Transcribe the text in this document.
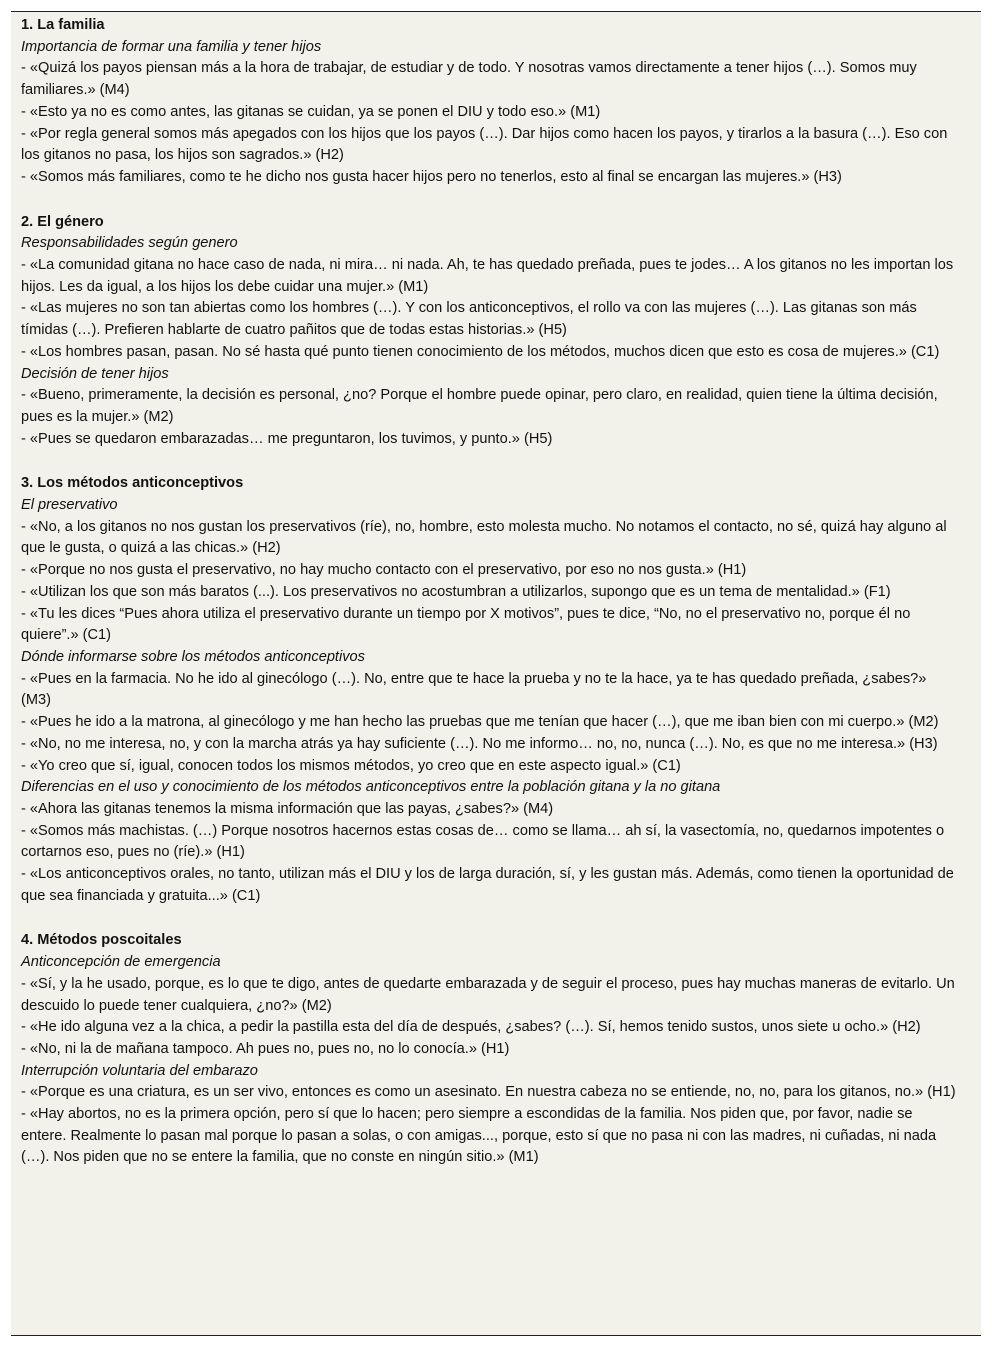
1. La familia
Importancia de formar una familia y tener hijos

- «Quizá los payos piensan más a la hora de trabajar, de estudiar y de todo. Y nosotras vamos directamente a tener hijos (…). Somos muy familiares.» (M4)

- «Esto ya no es como antes, las gitanas se cuidan, ya se ponen el DIU y todo eso.» (M1)

- «Por regla general somos más apegados con los hijos que los payos (…). Dar hijos como hacen los payos, y tirarlos a la basura (…). Eso con los gitanos no pasa, los hijos son sagrados.» (H2)

- «Somos más familiares, como te he dicho nos gusta hacer hijos pero no tenerlos, esto al final se encargan las mujeres.» (H3)

2. El género
Responsabilidades según genero

- «La comunidad gitana no hace caso de nada, ni mira… ni nada. Ah, te has quedado preñada, pues te jodes… A los gitanos no les importan los hijos. Les da igual, a los hijos los debe cuidar una mujer.» (M1)

- «Las mujeres no son tan abiertas como los hombres (…). Y con los anticonceptivos, el rollo va con las mujeres (…). Las gitanas son más tímidas (…). Prefieren hablarte de cuatro pañitos que de todas estas historias.» (H5)

- «Los hombres pasan, pasan. No sé hasta qué punto tienen conocimiento de los métodos, muchos dicen que esto es cosa de mujeres.» (C1)

Decisión de tener hijos

- «Bueno, primeramente, la decisión es personal, ¿no? Porque el hombre puede opinar, pero claro, en realidad, quien tiene la última decisión, pues es la mujer.» (M2)

- «Pues se quedaron embarazadas… me preguntaron, los tuvimos, y punto.» (H5)

3. Los métodos anticonceptivos
El preservativo

- «No, a los gitanos no nos gustan los preservativos (ríe), no, hombre, esto molesta mucho. No notamos el contacto, no sé, quizá hay alguno al que le gusta, o quizá a las chicas.» (H2)

- «Porque no nos gusta el preservativo, no hay mucho contacto con el preservativo, por eso no nos gusta.» (H1)

- «Utilizan los que son más baratos (...). Los preservativos no acostumbran a utilizarlos, supongo que es un tema de mentalidad.» (F1)

- «Tu les dices “Pues ahora utiliza el preservativo durante un tiempo por X motivos”, pues te dice, “No, no el preservativo no, porque él no quiere”.» (C1)

Dónde informarse sobre los métodos anticonceptivos

- «Pues en la farmacia. No he ido al ginecólogo (…). No, entre que te hace la prueba y no te la hace, ya te has quedado preñada, ¿sabes?» (M3)

- «Pues he ido a la matrona, al ginecólogo y me han hecho las pruebas que me tenían que hacer (…), que me iban bien con mi cuerpo.» (M2)

- «No, no me interesa, no, y con la marcha atrás ya hay suficiente (…). No me informo… no, no, nunca (…). No, es que no me interesa.» (H3)

- «Yo creo que sí, igual, conocen todos los mismos métodos, yo creo que en este aspecto igual.» (C1)

Diferencias en el uso y conocimiento de los métodos anticonceptivos entre la población gitana y la no gitana

- «Ahora las gitanas tenemos la misma información que las payas, ¿sabes?» (M4)

- «Somos más machistas. (…) Porque nosotros hacernos estas cosas de… como se llama… ah sí, la vasectomía, no, quedarnos impotentes o cortarnos eso, pues no (ríe).» (H1)

- «Los anticonceptivos orales, no tanto, utilizan más el DIU y los de larga duración, sí, y les gustan más. Además, como tienen la oportunidad de que sea financiada y gratuita...» (C1)

4. Métodos poscoitales
Anticoncepción de emergencia

- «Sí, y la he usado, porque, es lo que te digo, antes de quedarte embarazada y de seguir el proceso, pues hay muchas maneras de evitarlo. Un descuido lo puede tener cualquiera, ¿no?» (M2)

- «He ido alguna vez a la chica, a pedir la pastilla esta del día de después, ¿sabes? (…). Sí, hemos tenido sustos, unos siete u ocho.» (H2)

- «No, ni la de mañana tampoco. Ah pues no, pues no, no lo conocía.» (H1)

Interrupción voluntaria del embarazo

- «Porque es una criatura, es un ser vivo, entonces es como un asesinato. En nuestra cabeza no se entiende, no, no, para los gitanos, no.» (H1)

- «Hay abortos, no es la primera opción, pero sí que lo hacen; pero siempre a escondidas de la familia. Nos piden que, por favor, nadie se entere. Realmente lo pasan mal porque lo pasan a solas, o con amigas..., porque, esto sí que no pasa ni con las madres, ni cuñadas, ni nada (…). Nos piden que no se entere la familia, que no conste en ningún sitio.» (M1)
